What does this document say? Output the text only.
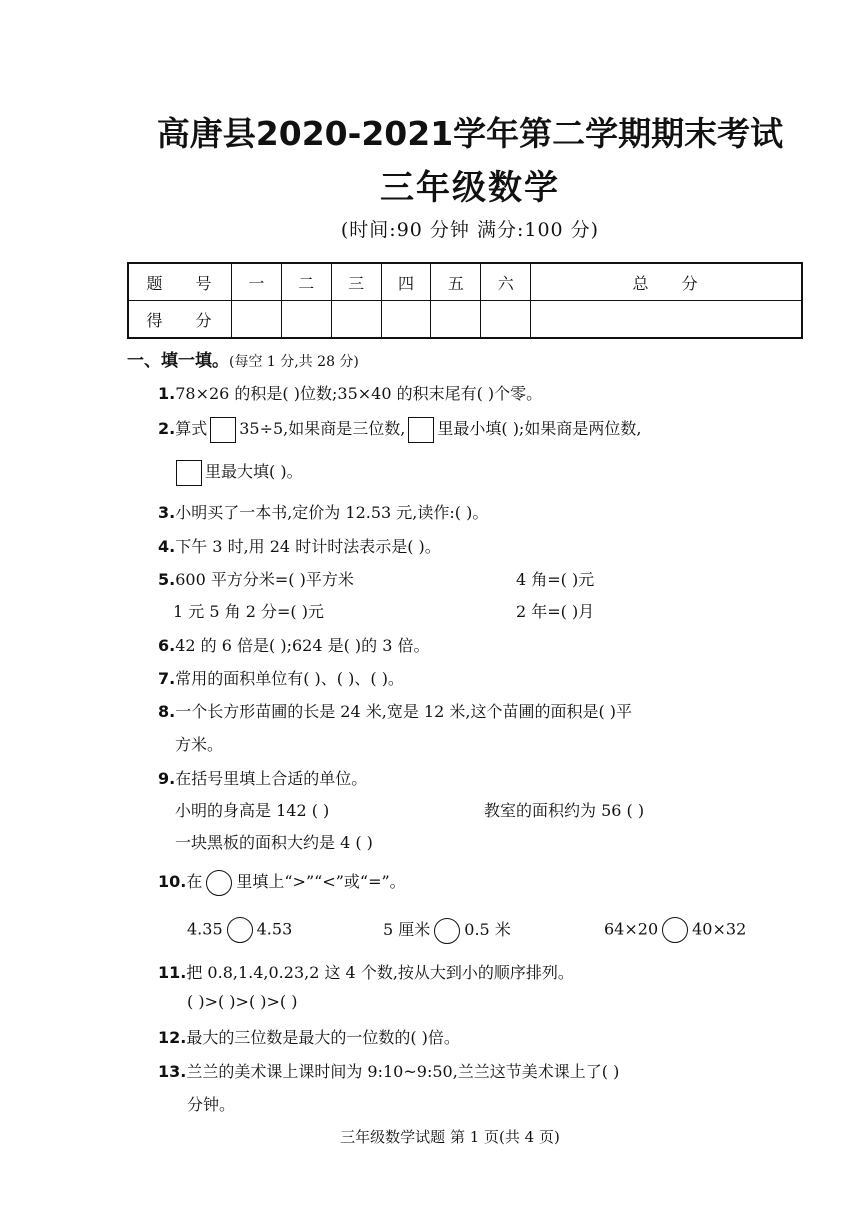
高唐县2020-2021学年第二学期期末考试
三年级数学
(时间:90 分钟 满分:100 分)
题 号	一	二	三	四	五	六	总 分
得 分							
一、填一填。(每空 1 分,共 28 分)
1.78×26 的积是( )位数;35×40 的积末尾有( )个零。
2.算式 35÷5,如果商是三位数, 里最小填( );如果商是两位数,
里最大填( )。
3.小明买了一本书,定价为 12.53 元,读作:( )。
4.下午 3 时,用 24 时计时法表示是( )。
5.600 平方分米=( )平方米	4 角=( )元
1 元 5 角 2 分=( )元	2 年=( )月
6.42 的 6 倍是( );624 是( )的 3 倍。
7.常用的面积单位有( )、( )、( )。
8.一个长方形苗圃的长是 24 米,宽是 12 米,这个苗圃的面积是( )平
方米。
9.在括号里填上合适的单位。
小明的身高是 142 ( )	教室的面积约为 56 ( )
一块黑板的面积大约是 4 ( )
10.在 里填上“>”“<”或“=”。
4.35 4.53	5 厘米 0.5 米	64×20 40×32
11.把 0.8,1.4,0.23,2 这 4 个数,按从大到小的顺序排列。
( )>( )>( )>( )
12.最大的三位数是最大的一位数的( )倍。
13.兰兰的美术课上课时间为 9:10~9:50,兰兰这节美术课上了( )
分钟。
三年级数学试题 第 1 页(共 4 页)
